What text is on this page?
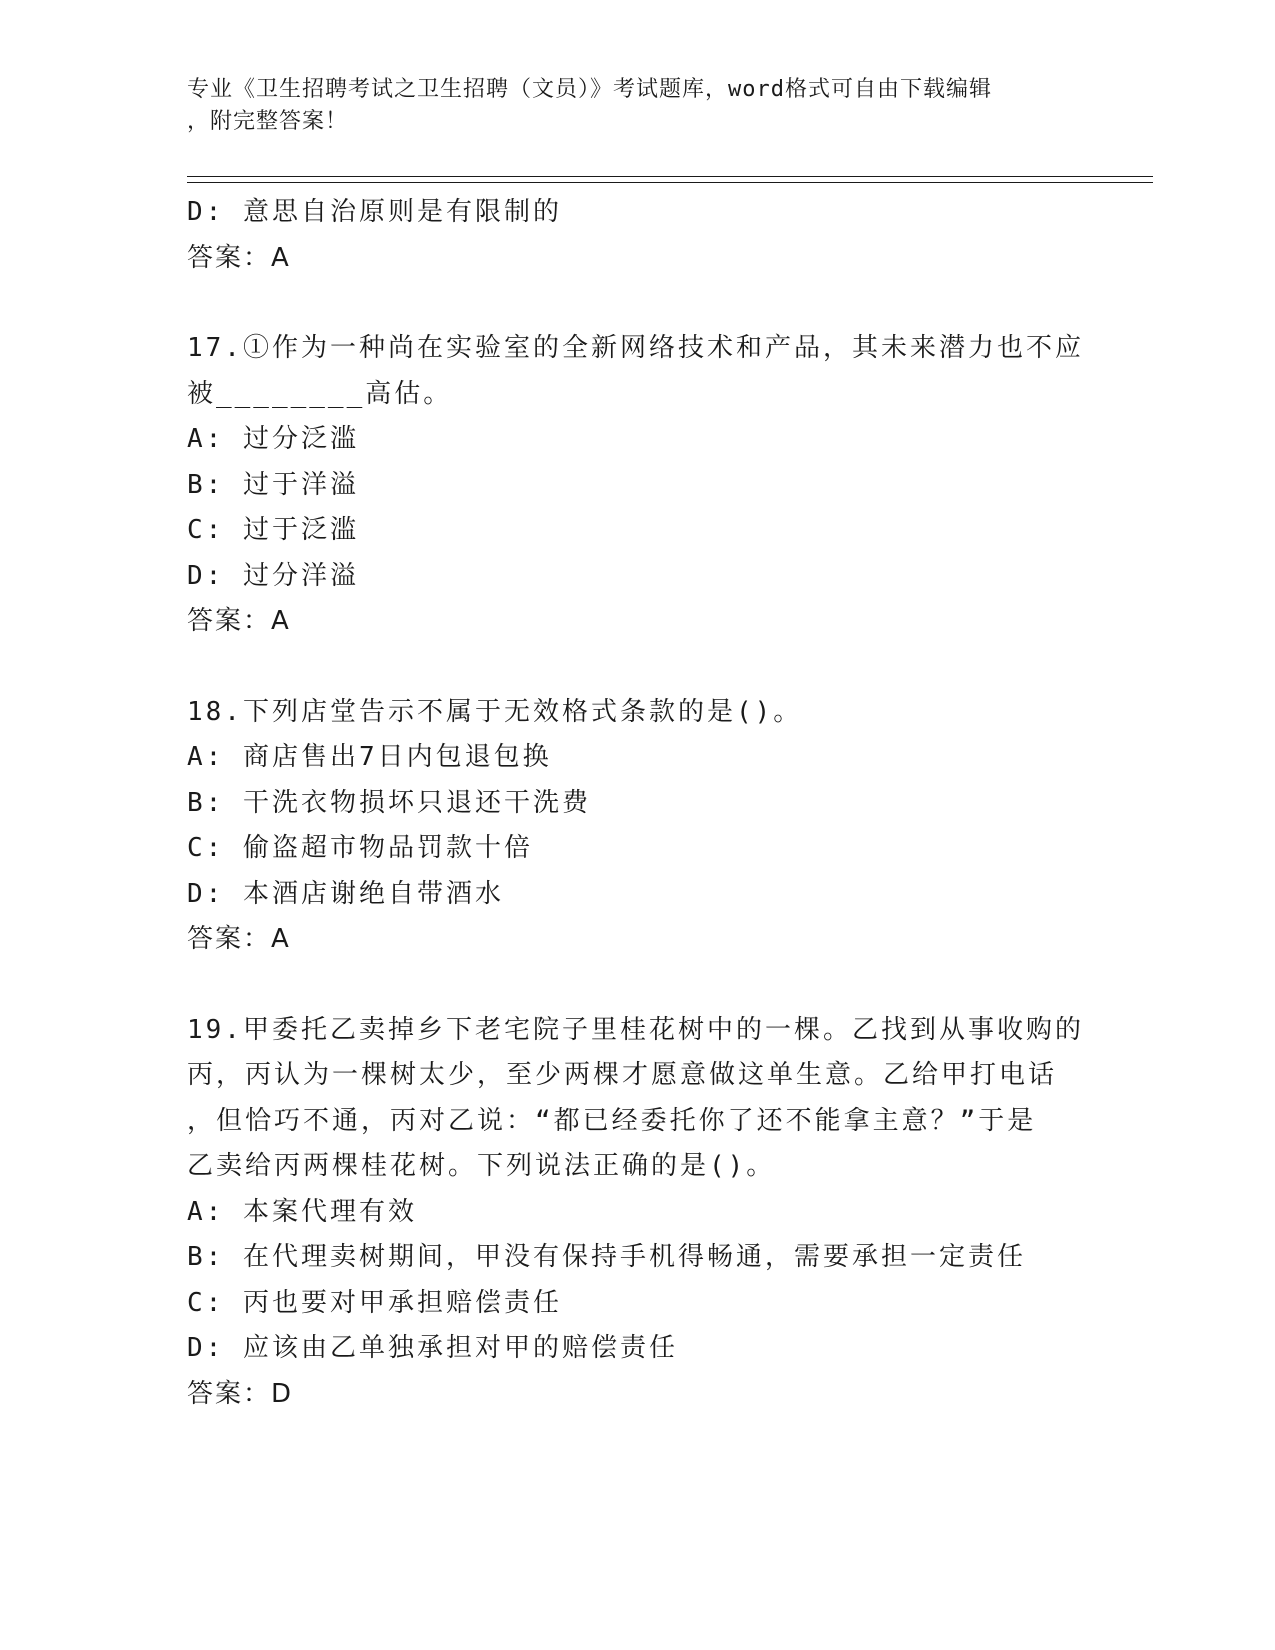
专业《卫生招聘考试之卫生招聘（文员）》考试题库，word格式可自由下载编辑
，附完整答案！
D: 意思自治原则是有限制的
答案：A
17.①作为一种尚在实验室的全新网络技术和产品，其未来潜力也不应
被________高估。
A: 过分泛滥
B: 过于洋溢
C: 过于泛滥
D: 过分洋溢
答案：A
18.下列店堂告示不属于无效格式条款的是()。
A: 商店售出7日内包退包换
B: 干洗衣物损坏只退还干洗费
C: 偷盗超市物品罚款十倍
D: 本酒店谢绝自带酒水
答案：A
19.甲委托乙卖掉乡下老宅院子里桂花树中的一棵。乙找到从事收购的
丙，丙认为一棵树太少，至少两棵才愿意做这单生意。乙给甲打电话
，但恰巧不通，丙对乙说：“都已经委托你了还不能拿主意？”于是
乙卖给丙两棵桂花树。下列说法正确的是()。
A: 本案代理有效
B: 在代理卖树期间，甲没有保持手机得畅通，需要承担一定责任
C: 丙也要对甲承担赔偿责任
D: 应该由乙单独承担对甲的赔偿责任
答案：D
